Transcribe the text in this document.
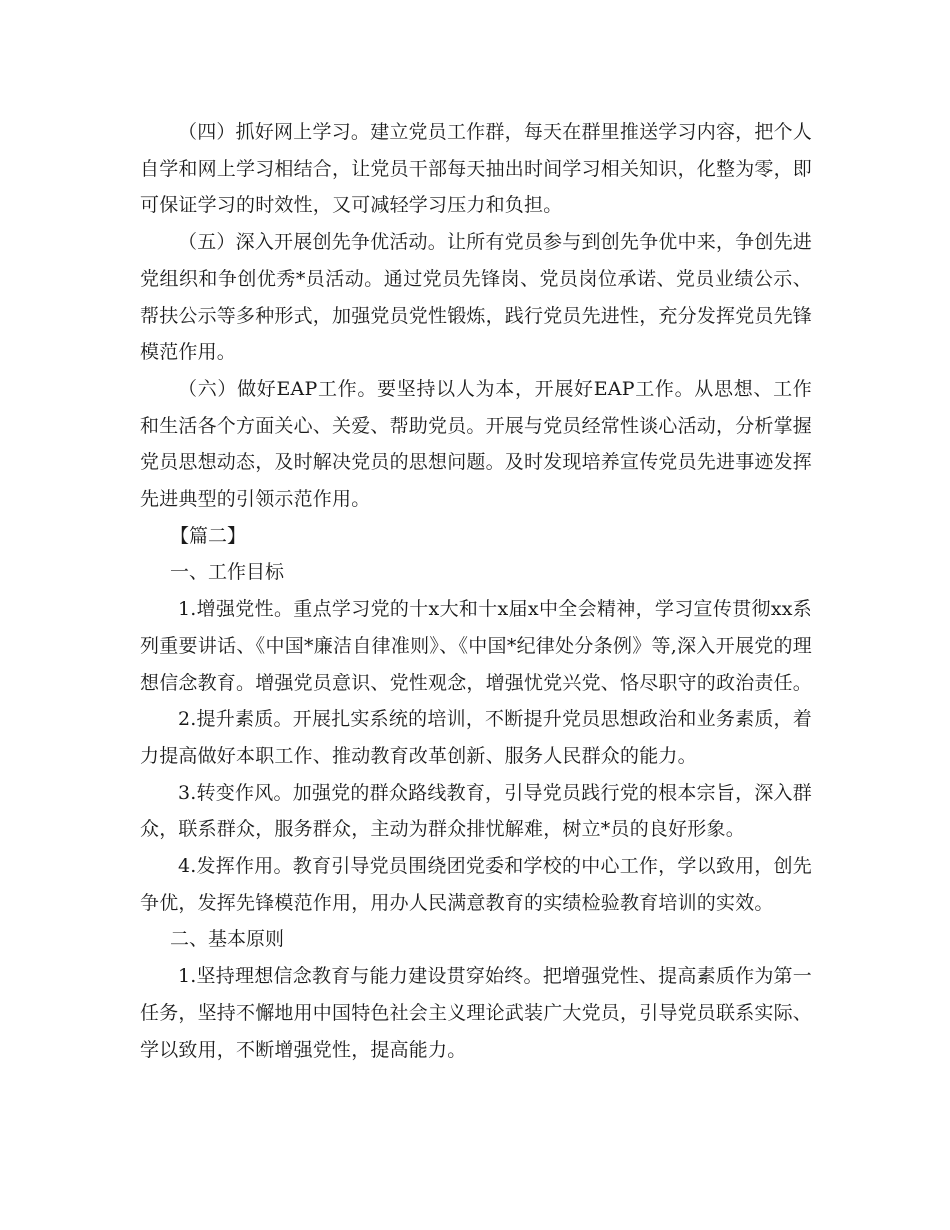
（四）抓好网上学习。建立党员工作群，每天在群里推送学习内容，把个人自学和网上学习相结合，让党员干部每天抽出时间学习相关知识，化整为零，即可保证学习的时效性，又可减轻学习压力和负担。

（五）深入开展创先争优活动。让所有党员参与到创先争优中来，争创先进党组织和争创优秀*员活动。通过党员先锋岗、党员岗位承诺、党员业绩公示、帮扶公示等多种形式，加强党员党性锻炼，践行党员先进性，充分发挥党员先锋模范作用。

（六）做好EAP工作。要坚持以人为本，开展好EAP工作。从思想、工作和生活各个方面关心、关爱、帮助党员。开展与党员经常性谈心活动，分析掌握党员思想动态，及时解决党员的思想问题。及时发现培养宣传党员先进事迹发挥先进典型的引领示范作用。

【篇二】

一、工作目标

1.增强党性。重点学习党的十x大和十x届x中全会精神，学习宣传贯彻xx系列重要讲话、《中国*廉洁自律准则》、《中国*纪律处分条例》等,深入开展党的理想信念教育。增强党员意识、党性观念，增强忧党兴党、恪尽职守的政治责任。

2.提升素质。开展扎实系统的培训，不断提升党员思想政治和业务素质，着力提高做好本职工作、推动教育改革创新、服务人民群众的能力。

3.转变作风。加强党的群众路线教育，引导党员践行党的根本宗旨，深入群众，联系群众，服务群众，主动为群众排忧解难，树立*员的良好形象。

4.发挥作用。教育引导党员围绕团党委和学校的中心工作，学以致用，创先争优，发挥先锋模范作用，用办人民满意教育的实绩检验教育培训的实效。

二、基本原则

1.坚持理想信念教育与能力建设贯穿始终。把增强党性、提高素质作为第一任务，坚持不懈地用中国特色社会主义理论武装广大党员，引导党员联系实际、学以致用，不断增强党性，提高能力。
